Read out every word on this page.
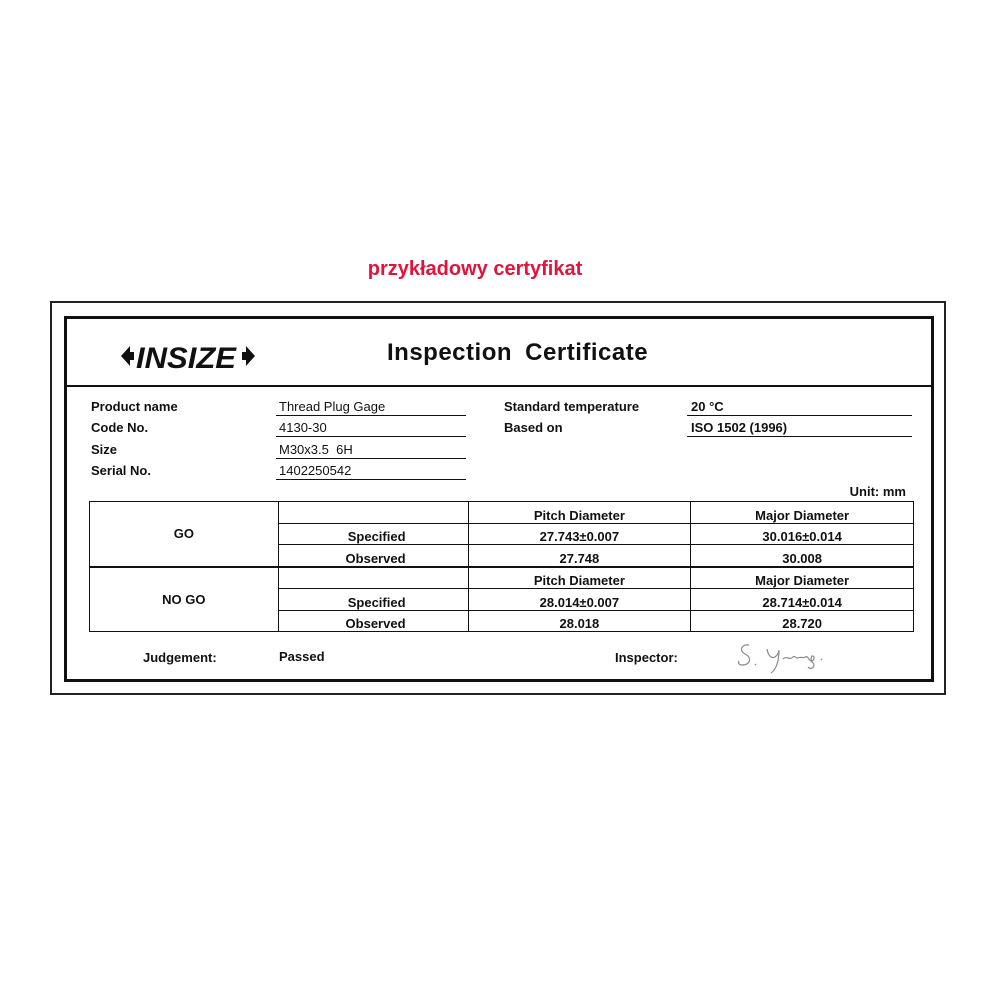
przykładowy certyfikat
INSIZE	Inspection Certificate
Product name	Thread Plug Gage
Code No.	4130-30
Size	M30x3.5  6H
Serial No.	1402250542
Standard temperature	20 °C
Based on	ISO 1502 (1996)
Unit: mm
GO		Pitch Diameter	Major Diameter
	Specified	27.743±0.007	30.016±0.014
	Observed	27.748	30.008
NO GO		Pitch Diameter	Major Diameter
	Specified	28.014±0.007	28.714±0.014
	Observed	28.018	28.720
Judgement:	Passed	Inspector:
